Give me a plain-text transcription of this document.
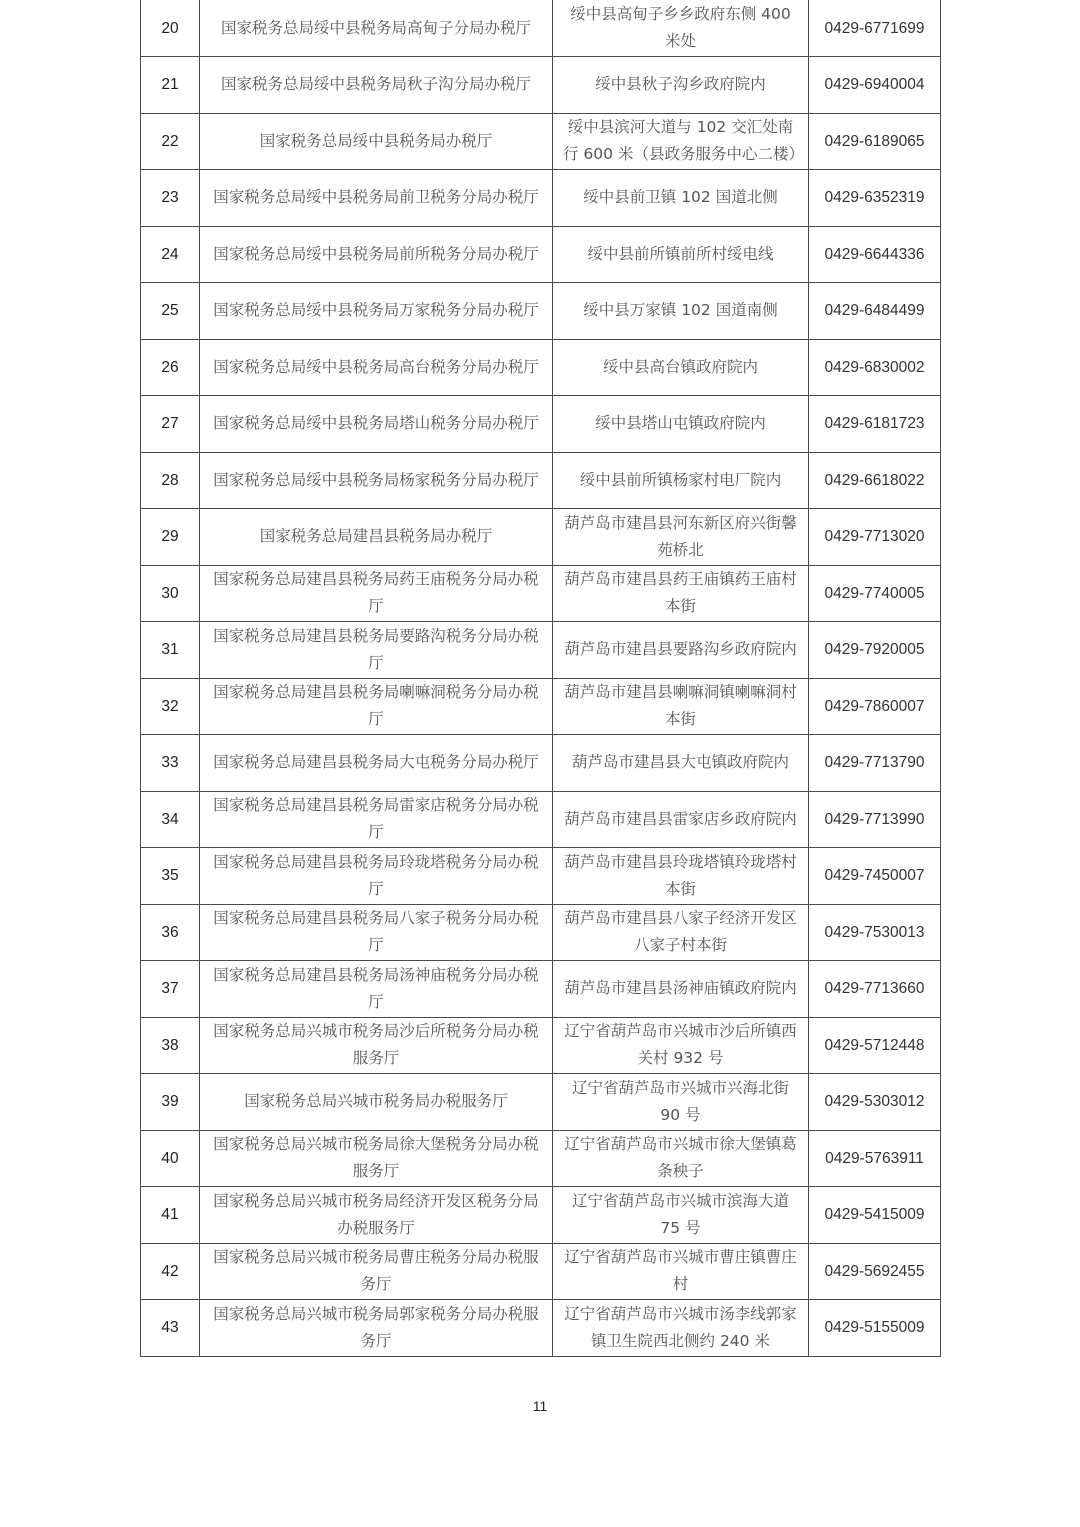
20	国家税务总局绥中县税务局高甸子分局办税厅	绥中县高甸子乡乡政府东侧 400 米处	0429-6771699
21	国家税务总局绥中县税务局秋子沟分局办税厅	绥中县秋子沟乡政府院内	0429-6940004
22	国家税务总局绥中县税务局办税厅	绥中县滨河大道与 102 交汇处南行 600 米（县政务服务中心二楼）	0429-6189065
23	国家税务总局绥中县税务局前卫税务分局办税厅	绥中县前卫镇 102 国道北侧	0429-6352319
24	国家税务总局绥中县税务局前所税务分局办税厅	绥中县前所镇前所村绥电线	0429-6644336
25	国家税务总局绥中县税务局万家税务分局办税厅	绥中县万家镇 102 国道南侧	0429-6484499
26	国家税务总局绥中县税务局高台税务分局办税厅	绥中县高台镇政府院内	0429-6830002
27	国家税务总局绥中县税务局塔山税务分局办税厅	绥中县塔山屯镇政府院内	0429-6181723
28	国家税务总局绥中县税务局杨家税务分局办税厅	绥中县前所镇杨家村电厂院内	0429-6618022
29	国家税务总局建昌县税务局办税厅	葫芦岛市建昌县河东新区府兴街馨苑桥北	0429-7713020
30	国家税务总局建昌县税务局药王庙税务分局办税厅	葫芦岛市建昌县药王庙镇药王庙村本街	0429-7740005
31	国家税务总局建昌县税务局要路沟税务分局办税厅	葫芦岛市建昌县要路沟乡政府院内	0429-7920005
32	国家税务总局建昌县税务局喇嘛洞税务分局办税厅	葫芦岛市建昌县喇嘛洞镇喇嘛洞村本街	0429-7860007
33	国家税务总局建昌县税务局大屯税务分局办税厅	葫芦岛市建昌县大屯镇政府院内	0429-7713790
34	国家税务总局建昌县税务局雷家店税务分局办税厅	葫芦岛市建昌县雷家店乡政府院内	0429-7713990
35	国家税务总局建昌县税务局玲珑塔税务分局办税厅	葫芦岛市建昌县玲珑塔镇玲珑塔村本街	0429-7450007
36	国家税务总局建昌县税务局八家子税务分局办税厅	葫芦岛市建昌县八家子经济开发区八家子村本街	0429-7530013
37	国家税务总局建昌县税务局汤神庙税务分局办税厅	葫芦岛市建昌县汤神庙镇政府院内	0429-7713660
38	国家税务总局兴城市税务局沙后所税务分局办税服务厅	辽宁省葫芦岛市兴城市沙后所镇西关村 932 号	0429-5712448
39	国家税务总局兴城市税务局办税服务厅	辽宁省葫芦岛市兴城市兴海北街 90 号	0429-5303012
40	国家税务总局兴城市税务局徐大堡税务分局办税服务厅	辽宁省葫芦岛市兴城市徐大堡镇葛条秧子	0429-5763911
41	国家税务总局兴城市税务局经济开发区税务分局办税服务厅	辽宁省葫芦岛市兴城市滨海大道 75 号	0429-5415009
42	国家税务总局兴城市税务局曹庄税务分局办税服务厅	辽宁省葫芦岛市兴城市曹庄镇曹庄村	0429-5692455
43	国家税务总局兴城市税务局郭家税务分局办税服务厅	辽宁省葫芦岛市兴城市汤李线郭家镇卫生院西北侧约 240 米	0429-5155009
11
